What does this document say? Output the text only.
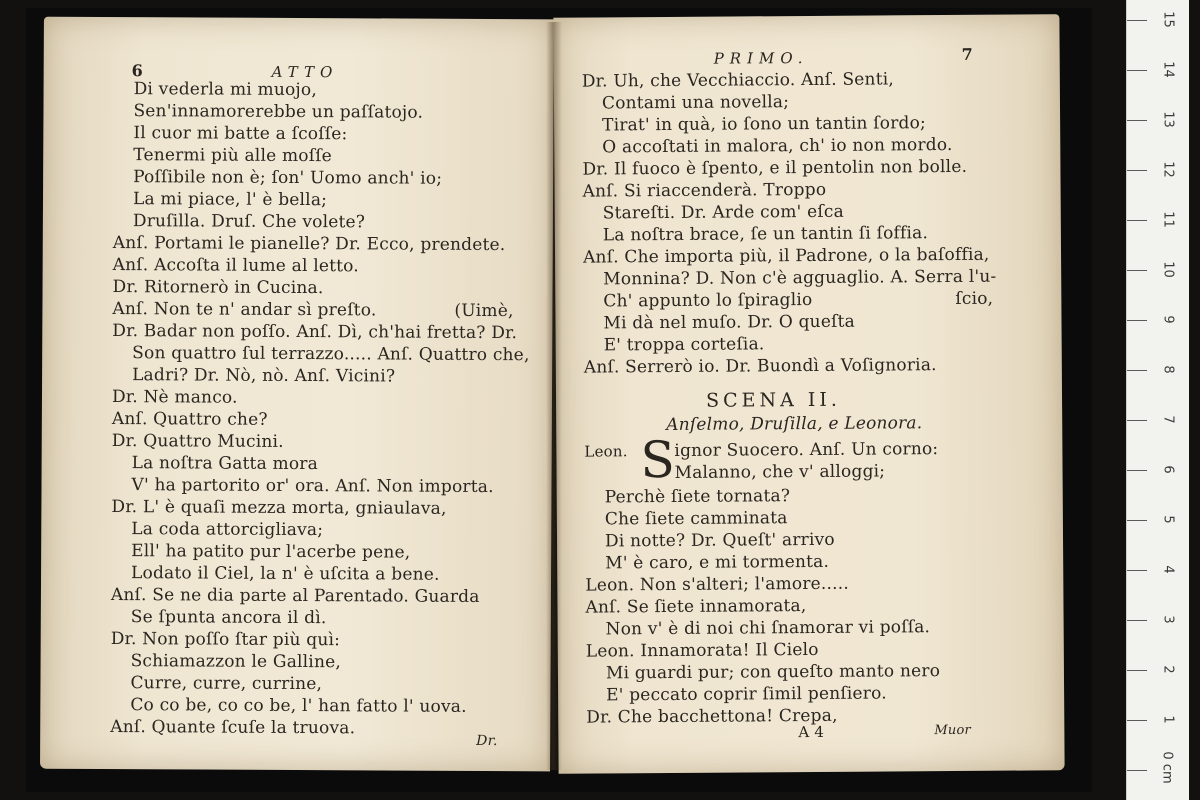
6	ATTO
Di vederla mi muojo,
Sen'innamorerebbe un paſſatojo.
Il cuor mi batte a ſcoſſe:
Tenermi più alle moſſe
Poſſibile non è; ſon' Uomo anch' io;
La mi piace, l' è bella;
Druſilla. Druſ. Che volete?
Anſ. Portami le pianelle? Dr. Ecco, prendete.
Anſ. Accoſta il lume al letto.
Dr. Ritornerò in Cucina.
Anſ. Non te n' andar sì preſto.	(Uimè,
Dr. Badar non poſſo. Anſ. Dì, ch'hai fretta? Dr.
Son quattro ſul terrazzo..... Anſ. Quattro che,
Ladri? Dr. Nò, nò. Anſ. Vicini?
Dr. Nè manco.
Anſ. Quattro che?
Dr. Quattro Mucini.
La noſtra Gatta mora
V' ha partorito or' ora. Anſ. Non importa.
Dr. L' è quaſi mezza morta, gniaulava,
La coda attorcigliava;
Ell' ha patito pur l'acerbe pene,
Lodato il Ciel, la n' è uſcita a bene.
Anſ. Se ne dia parte al Parentado. Guarda
Se ſpunta ancora il dì.
Dr. Non poſſo ſtar più quì:
Schiamazzon le Galline,
Curre, curre, currine,
Co co be, co co be, l' han fatto l' uova.
Anſ. Quante ſcuſe la truova.
Dr.
PRIMO.	7
Dr. Uh, che Vecchiaccio. Anſ. Senti,
Contami una novella;
Tirat' in quà, io ſono un tantin ſordo;
O accoſtati in malora, ch' io non mordo.
Dr. Il fuoco è ſpento, e il pentolin non bolle.
Anſ. Si riaccenderà. Troppo
Stareſti. Dr. Arde com' eſca
La noſtra brace, ſe un tantin ſi ſoffia.
Anſ. Che importa più, il Padrone, o la baſoffia,
Monnina? D. Non c'è agguaglio. A. Serra l'u-
Ch' appunto lo ſpiraglio	ſcio,
Mi dà nel muſo. Dr. O queſta
E' troppa corteſia.
Anſ. Serrerò io. Dr. Buondì a Voſignoria.
SCENA II.
Anſelmo, Druſilla, e Leonora.
Leon. S ignor Suocero. Anſ. Un corno:
Malanno, che v' alloggi;
Perchè ſiete tornata?
Che ſiete camminata
Di notte? Dr. Queſt' arrivo
M' è caro, e mi tormenta.
Leon. Non s'alteri; l'amore.....
Anſ. Se ſiete innamorata,
Non v' è di noi chi ſnamorar vi poſſa.
Leon. Innamorata! Il Cielo
Mi guardi pur; con queſto manto nero
E' peccato coprir ſimil penſiero.
Dr. Che bacchettona! Crepa,
A 4	Muor
15
14
13
12
11
10
9
8
7
6
5
4
3
2
1
0 cm
